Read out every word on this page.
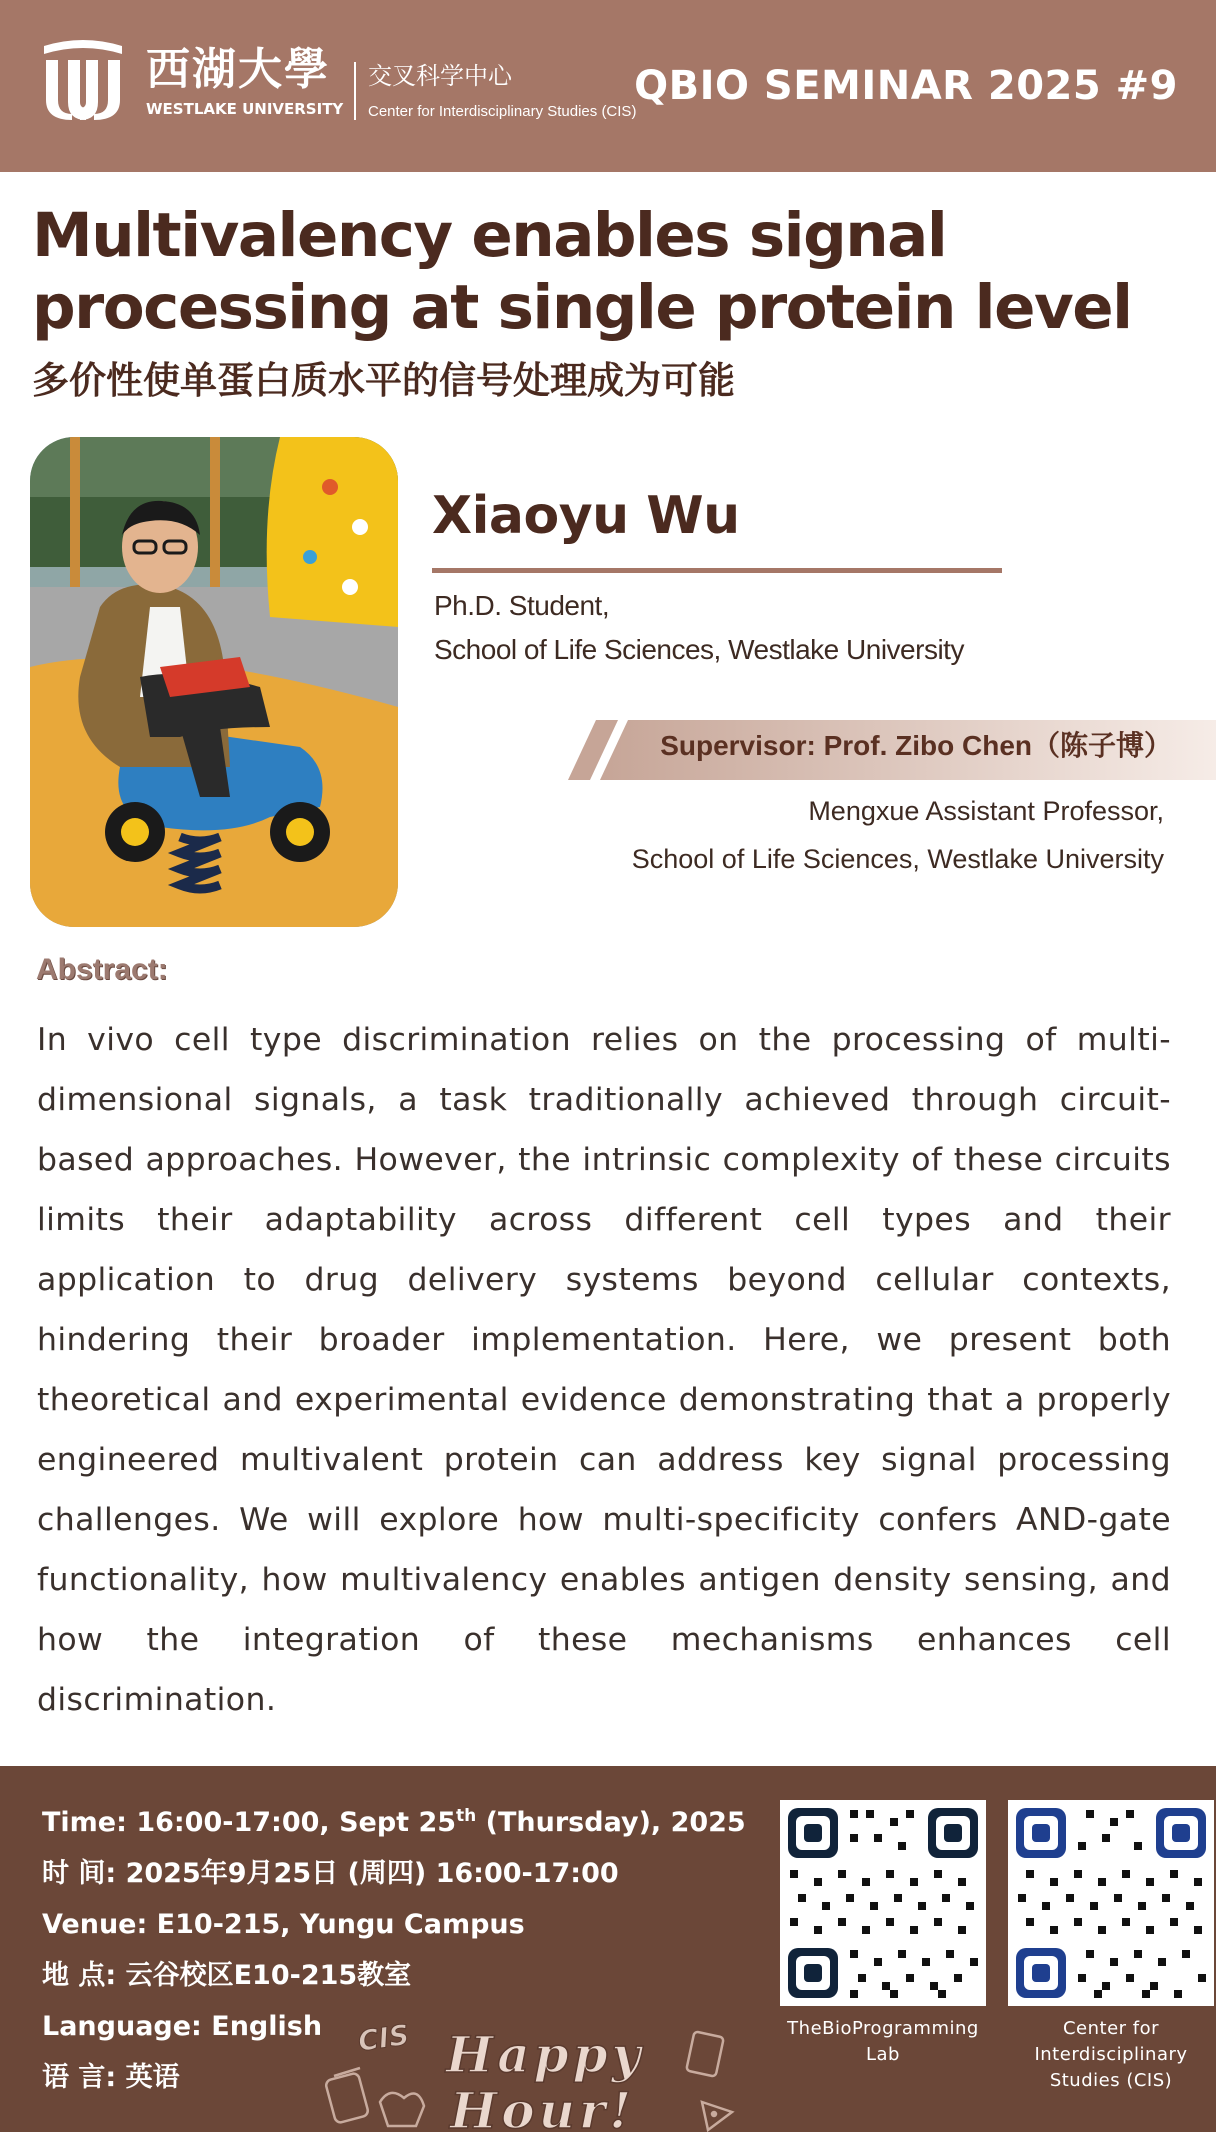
西湖大學
WESTLAKE UNIVERSITY
交叉科学中心
Center for Interdisciplinary Studies (CIS)
QBIO SEMINAR 2025 #9
Multivalency enables signal
processing at single protein level
多价性使单蛋白质水平的信号处理成为可能
Xiaoyu Wu
Ph.D. Student,
School of Life Sciences, Westlake University
Supervisor: Prof. Zibo Chen（陈子博）
Mengxue Assistant Professor,
School of Life Sciences, Westlake University
Abstract:
In vivo cell type discrimination relies on the processing of multi-dimensional signals, a task traditionally achieved through circuit-based approaches. However, the intrinsic complexity of these circuits limits their adaptability across different cell types and their application to drug delivery systems beyond cellular contexts, hindering their broader implementation. Here, we present both theoretical and experimental evidence demonstrating that a properly engineered multivalent protein can address key signal processing challenges. We will explore how multi-specificity confers AND-gate functionality, how multivalency enables antigen density sensing, and how the integration of these mechanisms enhances cell discrimination.
Time: 16:00-17:00, Sept 25th (Thursday), 2025
时 间: 2025年9月25日 (周四) 16:00-17:00
Venue: E10-215, Yungu Campus
地 点: 云谷校区E10-215教室
Language: English
语 言: 英语
CIS Happy
Hour!
TheBioProgramming
Lab
Center for
Interdisciplinary
Studies (CIS)
